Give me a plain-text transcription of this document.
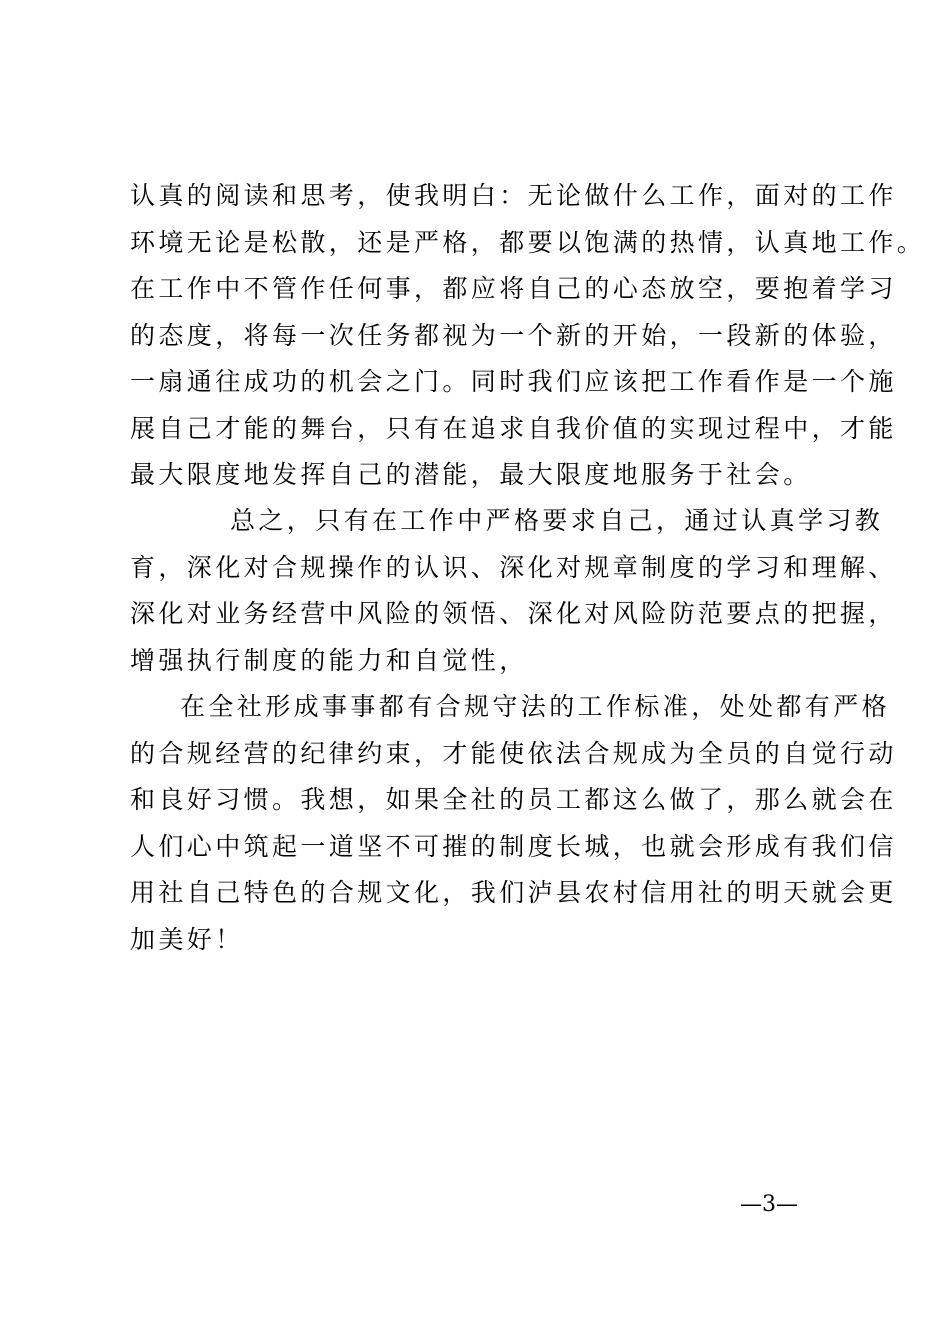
认真的阅读和思考，使我明白：无论做什么工作，面对的工作
环境无论是松散，还是严格，都要以饱满的热情，认真地工作。
在工作中不管作任何事，都应将自己的心态放空，要抱着学习
的态度，将每一次任务都视为一个新的开始，一段新的体验，
一扇通往成功的机会之门。同时我们应该把工作看作是一个施
展自己才能的舞台，只有在追求自我价值的实现过程中，才能
最大限度地发挥自己的潜能，最大限度地服务于社会。
总之，只有在工作中严格要求自己，通过认真学习教
育，深化对合规操作的认识、深化对规章制度的学习和理解、
深化对业务经营中风险的领悟、深化对风险防范要点的把握，
增强执行制度的能力和自觉性，
在全社形成事事都有合规守法的工作标准，处处都有严格
的合规经营的纪律约束，才能使依法合规成为全员的自觉行动
和良好习惯。我想，如果全社的员工都这么做了，那么就会在
人们心中筑起一道坚不可摧的制度长城，也就会形成有我们信
用社自己特色的合规文化，我们泸县农村信用社的明天就会更
加美好！
—3—
